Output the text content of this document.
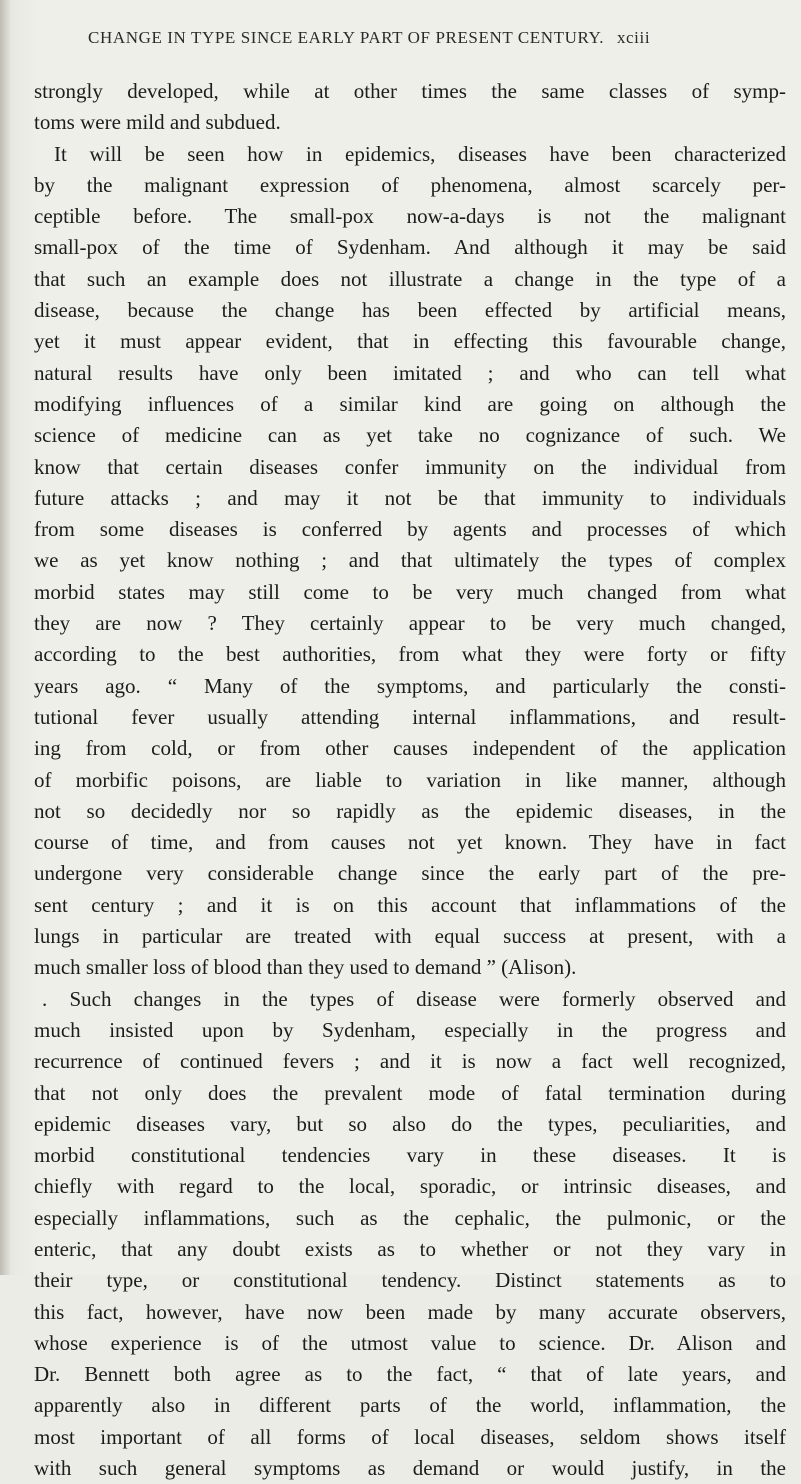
CHANGE IN TYPE SINCE EARLY PART OF PRESENT CENTURY. xciii
strongly developed, while at other times the same classes of symp-
toms were mild and subdued.
It will be seen how in epidemics, diseases have been characterized
by the malignant expression of phenomena, almost scarcely per-
ceptible before. The small-pox now-a-days is not the malignant
small-pox of the time of Sydenham. And although it may be said
that such an example does not illustrate a change in the type of a
disease, because the change has been effected by artificial means,
yet it must appear evident, that in effecting this favourable change,
natural results have only been imitated ; and who can tell what
modifying influences of a similar kind are going on although the
science of medicine can as yet take no cognizance of such. We
know that certain diseases confer immunity on the individual from
future attacks ; and may it not be that immunity to individuals
from some diseases is conferred by agents and processes of which
we as yet know nothing ; and that ultimately the types of complex
morbid states may still come to be very much changed from what
they are now ? They certainly appear to be very much changed,
according to the best authorities, from what they were forty or fifty
years ago. “ Many of the symptoms, and particularly the consti-
tutional fever usually attending internal inflammations, and result-
ing from cold, or from other causes independent of the application
of morbific poisons, are liable to variation in like manner, although
not so decidedly nor so rapidly as the epidemic diseases, in the
course of time, and from causes not yet known. They have in fact
undergone very considerable change since the early part of the pre-
sent century ; and it is on this account that inflammations of the
lungs in particular are treated with equal success at present, with a
much smaller loss of blood than they used to demand ” (Alison).
. Such changes in the types of disease were formerly observed and
much insisted upon by Sydenham, especially in the progress and
recurrence of continued fevers ; and it is now a fact well recognized,
that not only does the prevalent mode of fatal termination during
epidemic diseases vary, but so also do the types, peculiarities, and
morbid constitutional tendencies vary in these diseases. It is
chiefly with regard to the local, sporadic, or intrinsic diseases, and
especially inflammations, such as the cephalic, the pulmonic, or the
enteric, that any doubt exists as to whether or not they vary in
their type, or constitutional tendency. Distinct statements as to
this fact, however, have now been made by many accurate observers,
whose experience is of the utmost value to science. Dr. Alison and
Dr. Bennett both agree as to the fact, “ that of late years, and
apparently also in different parts of the world, inflammation, the
most important of all forms of local diseases, seldom shows itself
with such general symptoms as demand or would justify, in the
